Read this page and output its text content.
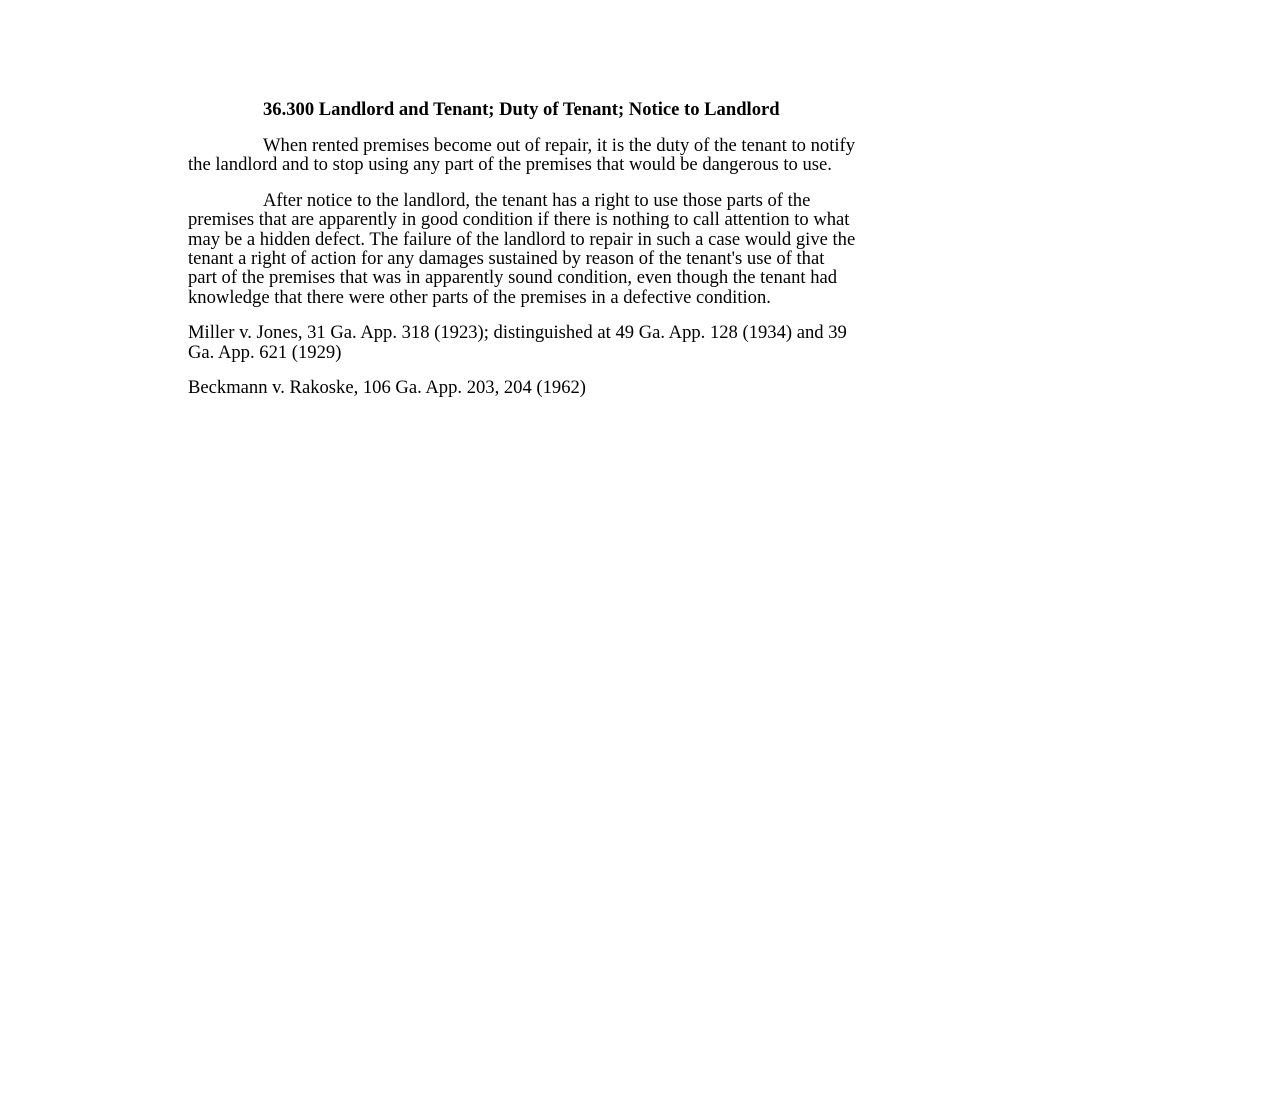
36.300 Landlord and Tenant; Duty of Tenant; Notice to Landlord
When rented premises become out of repair, it is the duty of the tenant to notify
the landlord and to stop using any part of the premises that would be dangerous to use.
After notice to the landlord, the tenant has a right to use those parts of the
premises that are apparently in good condition if there is nothing to call attention to what
may be a hidden defect. The failure of the landlord to repair in such a case would give the
tenant a right of action for any damages sustained by reason of the tenant's use of that
part of the premises that was in apparently sound condition, even though the tenant had
knowledge that there were other parts of the premises in a defective condition.
Miller v. Jones, 31 Ga. App. 318 (1923); distinguished at 49 Ga. App. 128 (1934) and 39
Ga. App. 621 (1929)
Beckmann v. Rakoske, 106 Ga. App. 203, 204 (1962)
